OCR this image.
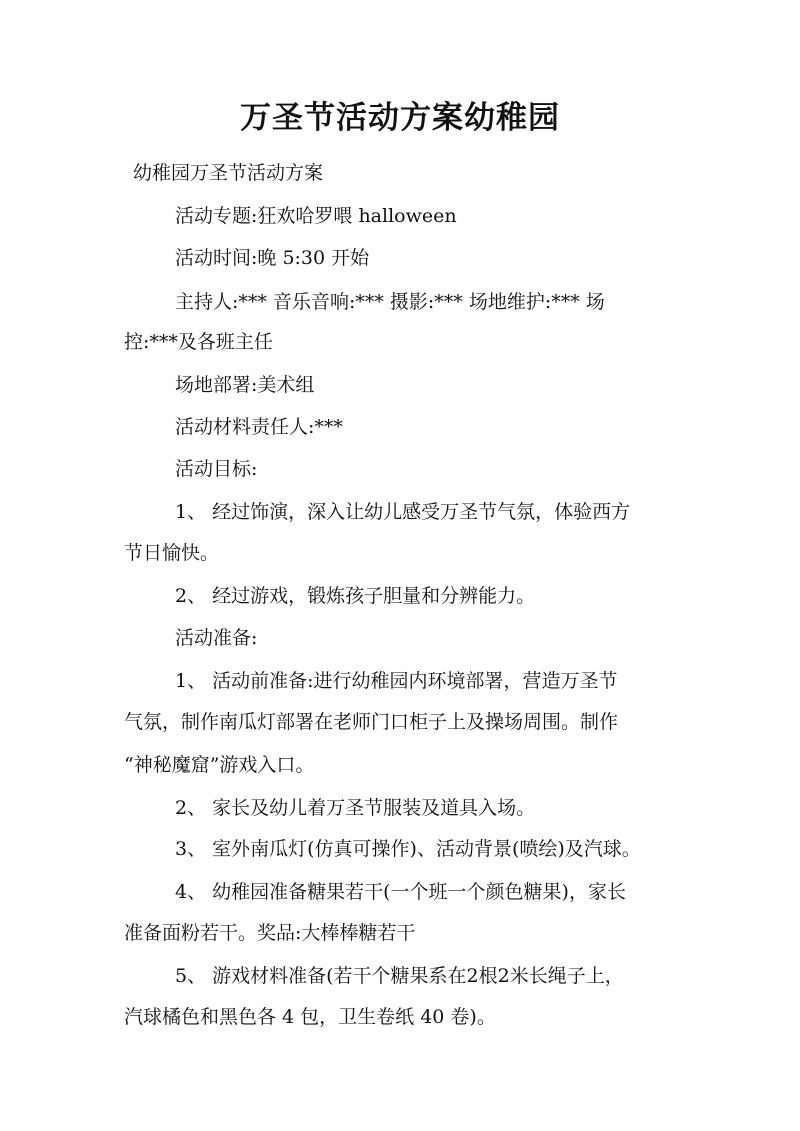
万圣节活动方案幼稚园
幼稚园万圣节活动方案
活动专题:狂欢哈罗喂 halloween
活动时间:晚 5:30 开始
主持人:*** 音乐音响:*** 摄影:*** 场地维护:*** 场
控:***及各班主任
场地部署:美术组
活动材料责任人:***
活动目标:
1、 经过饰演，深入让幼儿感受万圣节气氛，体验西方
节日愉快。
2、 经过游戏，锻炼孩子胆量和分辨能力。
活动准备:
1、 活动前准备:进行幼稚园内环境部署，营造万圣节
气氛，制作南瓜灯部署在老师门口柜子上及操场周围。制作
“神秘魔窟”游戏入口。
2、 家长及幼儿着万圣节服装及道具入场。
3、 室外南瓜灯(仿真可操作)、活动背景(喷绘)及汽球。
4、 幼稚园准备糖果若干(一个班一个颜色糖果)，家长
准备面粉若干。奖品:大棒棒糖若干
5、 游戏材料准备(若干个糖果系在2根2米长绳子上，
汽球橘色和黑色各 4 包，卫生卷纸 40 卷)。
